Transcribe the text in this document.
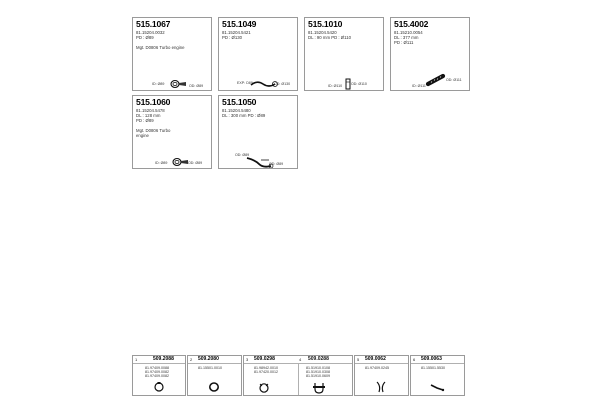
515.1067
81.15204.0032
PD : Ø89
Mgt. D0806 Turbo engine
ID: Ø89	OD: Ø89
515.1049
81.15204.5421
PD : Ø130
EXP: D89	OD: Ø130
515.1010
81.15204.5420
DL : 90 mm PD : Ø110
ID: Ø110 OD: Ø110
515.4002
81.15210.0054
DL : 377 mm
PD : Ø111
ID: Ø111
OD: Ø111
515.1060
81.15204.5478
DL : 128 mm
PD : Ø89
Mgt. D0806 Turbo
engine
ID: Ø89	OD: Ø89
515.1050
81.15204.5480
DL : 300 mm PD : Ø89
OD: Ø89
OD: Ø89
1	509.2088
81.97409.0088
81.97409.0082
81.97409.0082
2 509.2080
81.15501.0010
3 509.0298	4 509.0288
81.98942.0010
81.97420.0012
81.51910.0108
81.51910.0308
81.51910.0609
5 509.0062
81.97409.0245
6 509.0063
81.15501.5530
